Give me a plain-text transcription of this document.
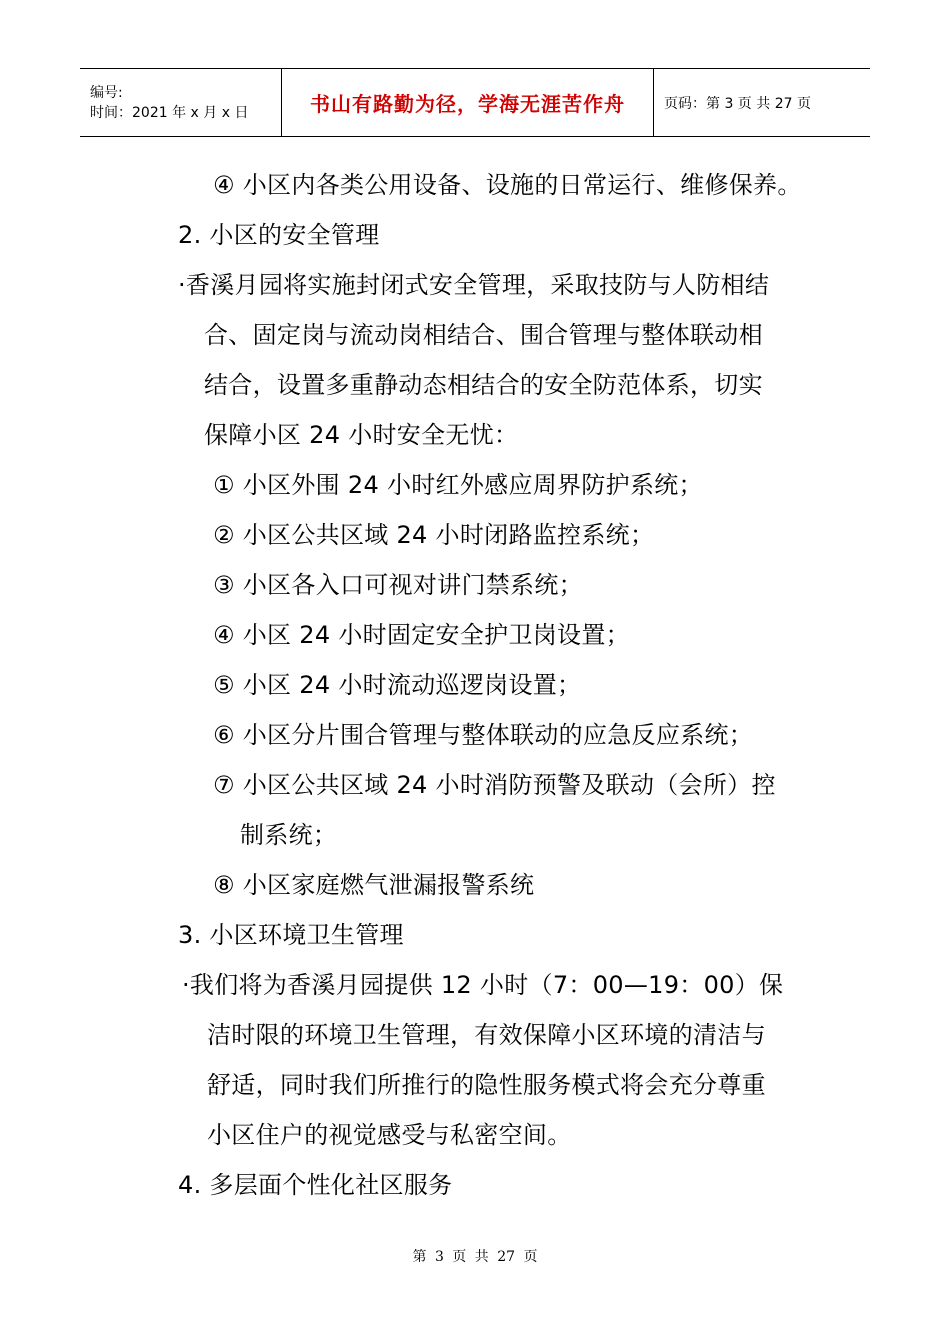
编号:
时间：2021 年 x 月 x 日	书山有路勤为径，学海无涯苦作舟	页码：第 3 页 共 27 页
④ 小区内各类公用设备、设施的日常运行、维修保养。
2. 小区的安全管理
·香溪月园将实施封闭式安全管理，采取技防与人防相结
合、固定岗与流动岗相结合、围合管理与整体联动相
结合，设置多重静动态相结合的安全防范体系，切实
保障小区 24 小时安全无忧：
① 小区外围 24 小时红外感应周界防护系统；
② 小区公共区域 24 小时闭路监控系统；
③ 小区各入口可视对讲门禁系统；
④ 小区 24 小时固定安全护卫岗设置；
⑤ 小区 24 小时流动巡逻岗设置；
⑥ 小区分片围合管理与整体联动的应急反应系统；
⑦ 小区公共区域 24 小时消防预警及联动（会所）控
制系统；
⑧ 小区家庭燃气泄漏报警系统
3. 小区环境卫生管理
·我们将为香溪月园提供 12 小时（7：00—19：00）保
洁时限的环境卫生管理，有效保障小区环境的清洁与
舒适，同时我们所推行的隐性服务模式将会充分尊重
小区住户的视觉感受与私密空间。
4. 多层面个性化社区服务
第 3 页 共 27 页
